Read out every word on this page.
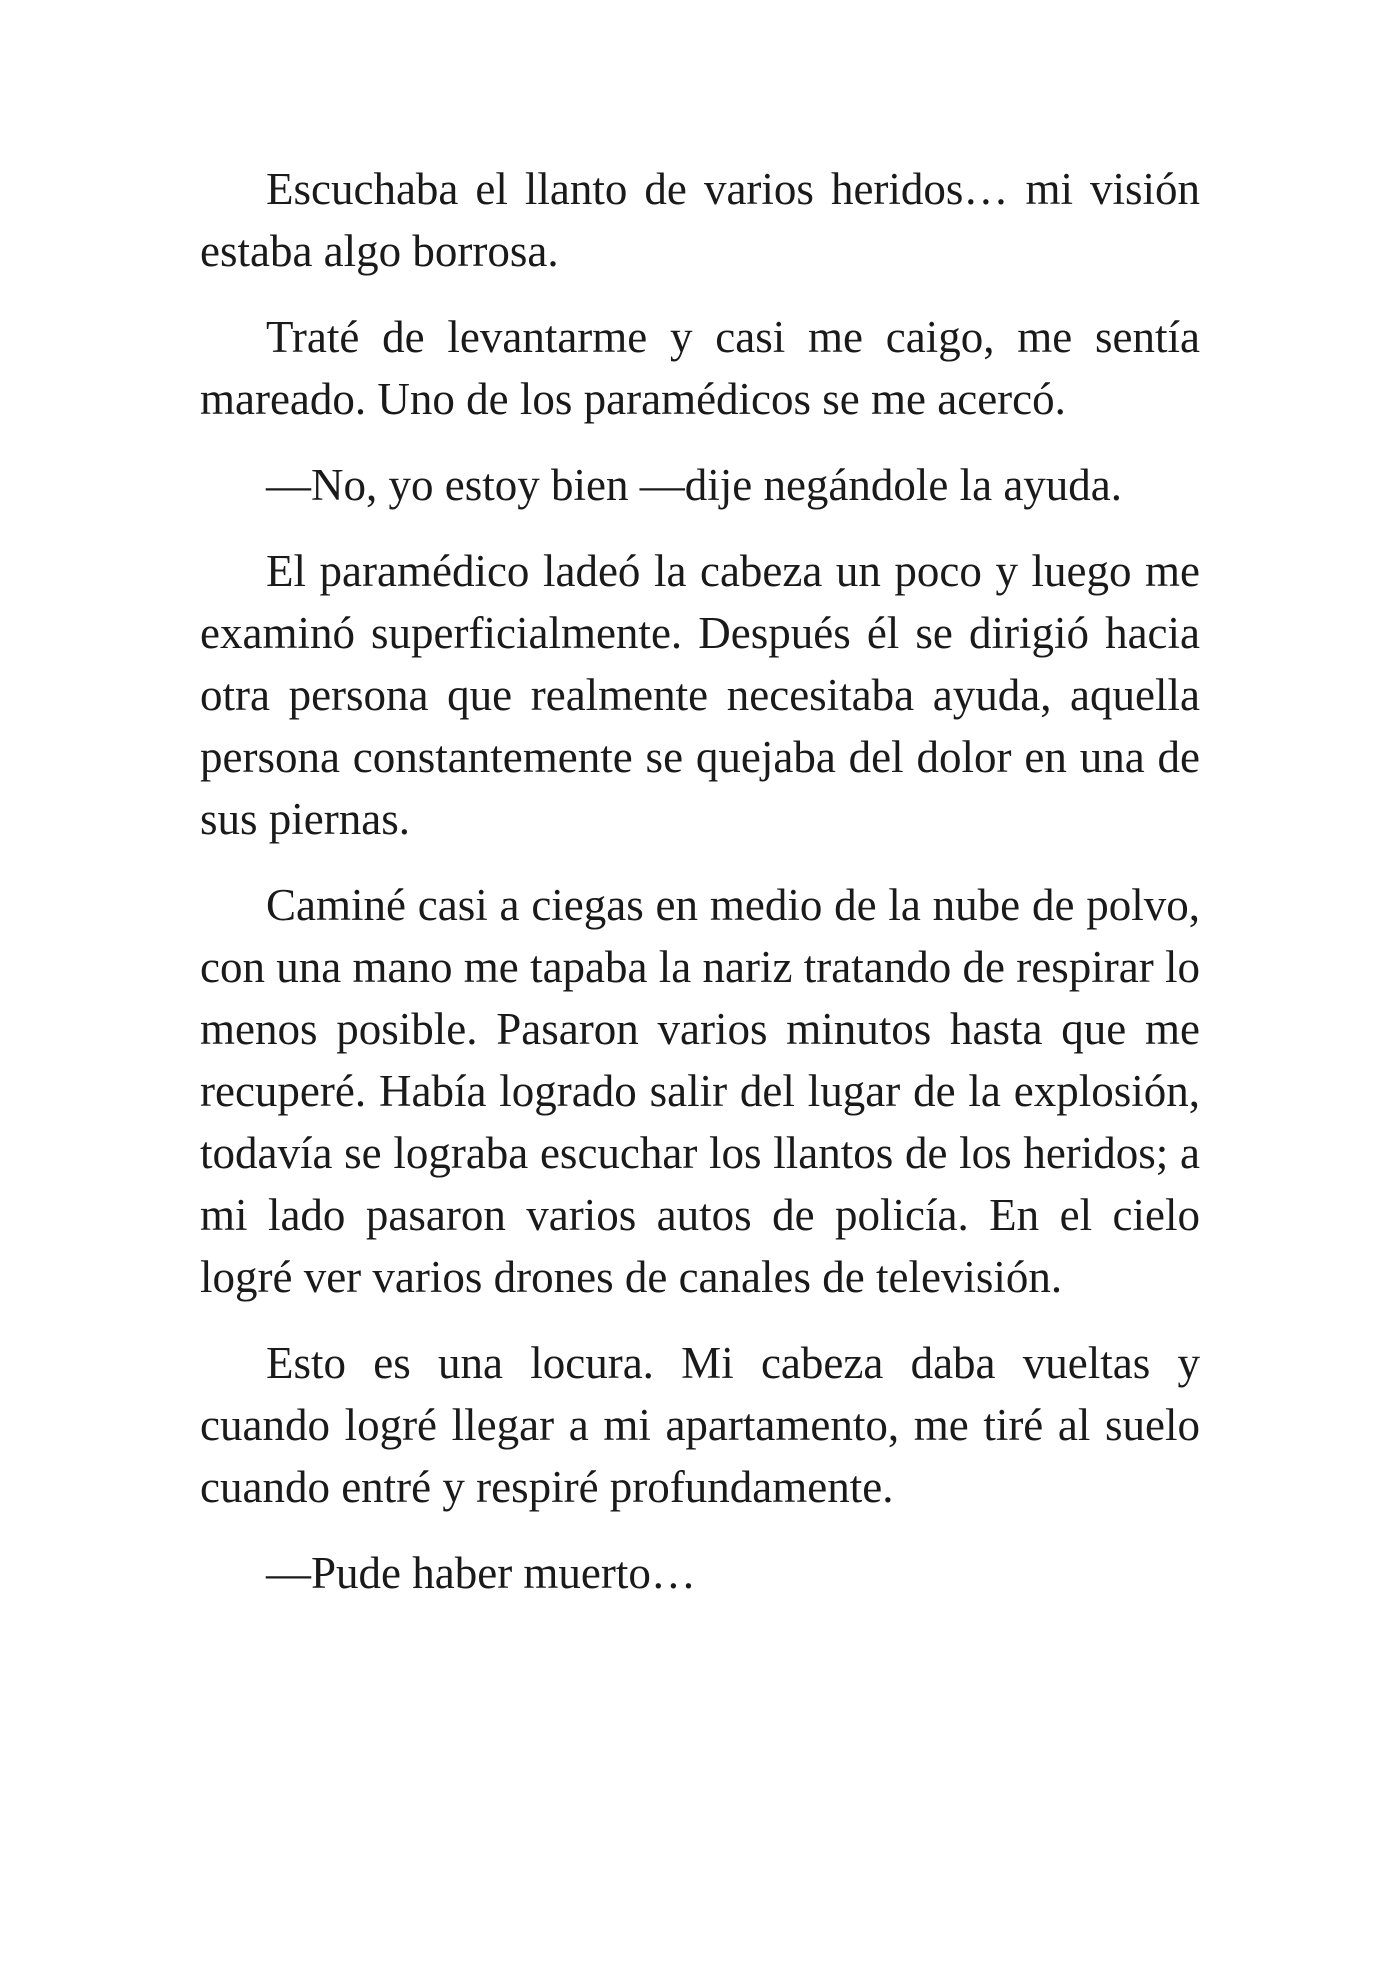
Escuchaba el llanto de varios heridos… mi visión estaba algo borrosa.

Traté de levantarme y casi me caigo, me sentía mareado. Uno de los paramédicos se me acercó.

—No, yo estoy bien —dije negándole la ayuda.

El paramédico ladeó la cabeza un poco y luego me examinó superficialmente. Después él se dirigió hacia otra persona que realmente necesitaba ayuda, aquella persona constantemente se quejaba del dolor en una de sus piernas.

Caminé casi a ciegas en medio de la nube de polvo, con una mano me tapaba la nariz tratando de respirar lo menos posible. Pasaron varios minutos hasta que me recuperé. Había logrado salir del lugar de la explosión, todavía se lograba escuchar los llantos de los heridos; a mi lado pasaron varios autos de policía. En el cielo logré ver varios drones de canales de televisión.

Esto es una locura. Mi cabeza daba vueltas y cuando logré llegar a mi apartamento, me tiré al suelo cuando entré y respiré profundamente.

—Pude haber muerto…
